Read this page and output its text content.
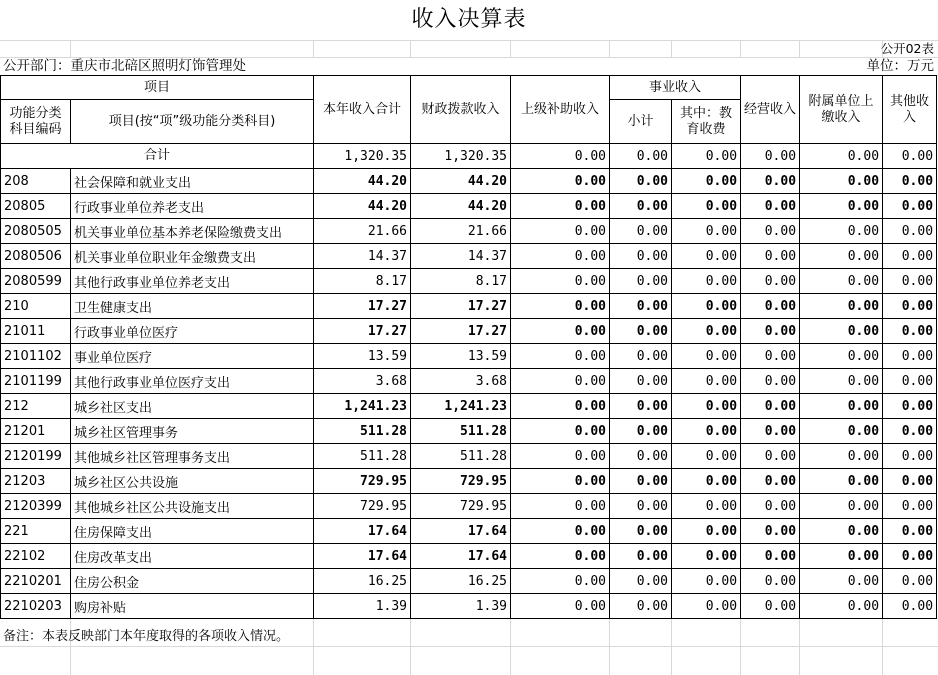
收入决算表
公开02表
公开部门：重庆市北碚区照明灯饰管理处	单位：万元
项目		本年收入合计	财政拨款收入	上级补助收入	事业收入		经营收入	附属单位上缴收入	其他收入
功能分类科目编码	项目(按“项”级功能分类科目)				小计	其中：教育收费			

合计		1,320.35	1,320.35	0.00	0.00	0.00	0.00	0.00	0.00
208	社会保障和就业支出	44.20	44.20	0.00	0.00	0.00	0.00	0.00	0.00
20805	行政事业单位养老支出	44.20	44.20	0.00	0.00	0.00	0.00	0.00	0.00
2080505	机关事业单位基本养老保险缴费支出	21.66	21.66	0.00	0.00	0.00	0.00	0.00	0.00
2080506	机关事业单位职业年金缴费支出	14.37	14.37	0.00	0.00	0.00	0.00	0.00	0.00
2080599	其他行政事业单位养老支出	8.17	8.17	0.00	0.00	0.00	0.00	0.00	0.00
210	卫生健康支出	17.27	17.27	0.00	0.00	0.00	0.00	0.00	0.00
21011	行政事业单位医疗	17.27	17.27	0.00	0.00	0.00	0.00	0.00	0.00
2101102	事业单位医疗	13.59	13.59	0.00	0.00	0.00	0.00	0.00	0.00
2101199	其他行政事业单位医疗支出	3.68	3.68	0.00	0.00	0.00	0.00	0.00	0.00
212	城乡社区支出	1,241.23	1,241.23	0.00	0.00	0.00	0.00	0.00	0.00
21201	城乡社区管理事务	511.28	511.28	0.00	0.00	0.00	0.00	0.00	0.00
2120199	其他城乡社区管理事务支出	511.28	511.28	0.00	0.00	0.00	0.00	0.00	0.00
21203	城乡社区公共设施	729.95	729.95	0.00	0.00	0.00	0.00	0.00	0.00
2120399	其他城乡社区公共设施支出	729.95	729.95	0.00	0.00	0.00	0.00	0.00	0.00
221	住房保障支出	17.64	17.64	0.00	0.00	0.00	0.00	0.00	0.00
22102	住房改革支出	17.64	17.64	0.00	0.00	0.00	0.00	0.00	0.00
2210201	住房公积金	16.25	16.25	0.00	0.00	0.00	0.00	0.00	0.00
2210203	购房补贴	1.39	1.39	0.00	0.00	0.00	0.00	0.00	0.00
备注：本表反映部门本年度取得的各项收入情况。
